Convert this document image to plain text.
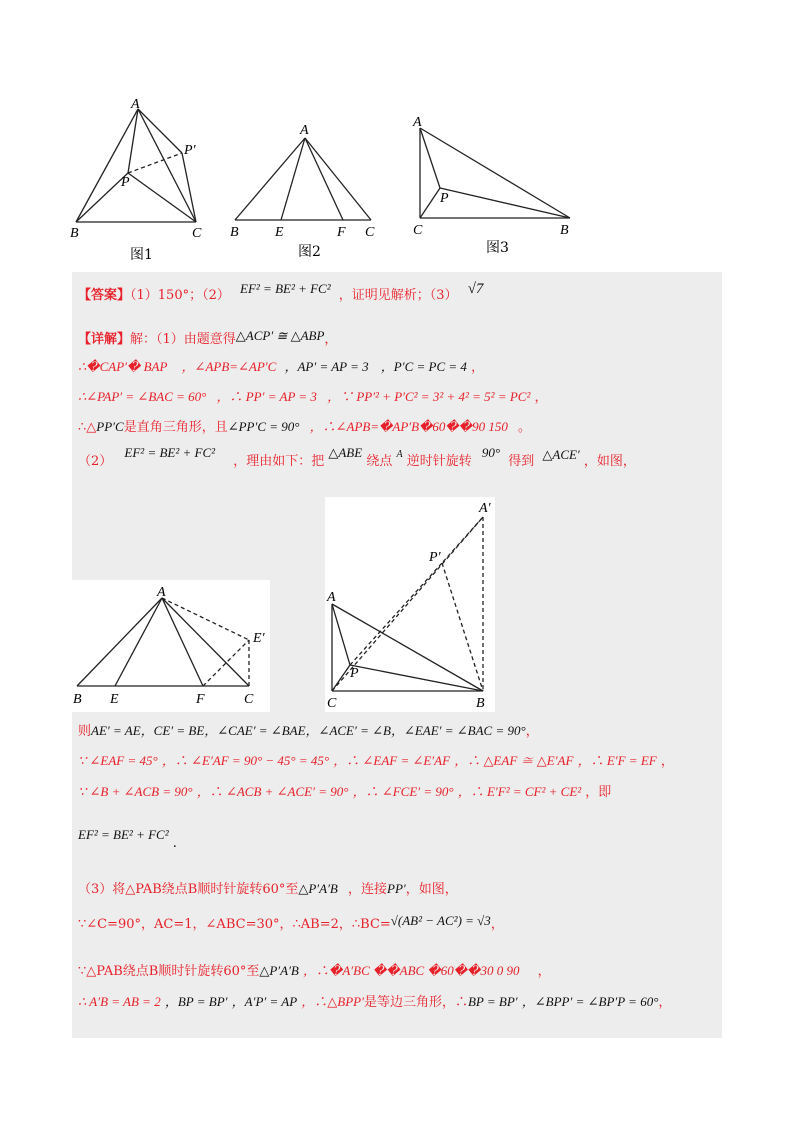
A
P
P′
B	C
图1
A
B	E	F C
图2
A
P
C	B
图3
【答案】（1）150°；（2） EF² = BE² + FC² ，证明见解析；（3） √7
【详解】解：（1）由题意得△ACP′ ≅ △ABP，
∴�CAP′� BAP ，∠APB=∠AP′C ，AP′ = AP = 3 ，P′C = PC = 4 ，
∴∠PAP′ = ∠BAC = 60° ，∴ PP′ = AP = 3 ，∵ PP′² + P′C² = 3² + 4² = 5² = PC² ，
∴△PP′C是直角三角形，且∠PP′C = 90° ，∴∠APB=�AP′B�60��90 150 。
（2） EF² = BE² + FC² ，理由如下：把 △ABE 绕点 $^A$ 逆时针旋转 90° 得到 △ACE′ ，如图，
A
E′
B E	F	C
A′
P′
A
P
C	B
则AE′ = AE，CE′ = BE，∠CAE′ = ∠BAE，∠ACE′ = ∠B，∠EAE′ = ∠BAC = 90°，
∵ ∠EAF = 45° ，∴ ∠E′AF = 90° − 45° = 45° ，∴ ∠EAF = ∠E′AF ，∴ △EAF ≅ △E′AF ，∴ E′F = EF ，
∵ ∠B + ∠ACB = 90° ，∴ ∠ACB + ∠ACE′ = 90° ，∴ ∠FCE′ = 90° ，∴ E′F² = CF² + CE² ，即
EF² = BE² + FC² .
（3）将△PAB绕点B顺时针旋转60°至△P′A′B ，连接PP′，如图，
∵∠C=90°，AC=1，∠ABC=30°，∴AB=2，∴BC=√(AB² − AC²) = √3，
∵△PAB绕点B顺时针旋转60°至△P′A′B ，∴�A′BC ��ABC �60��30 0 90 ，
∴ A′B = AB = 2 ，BP = BP′ ，A′P′ = AP ，∴△BPP′是等边三角形，∴BP = BP′ ，∠BPP′ = ∠BP′P = 60°，
